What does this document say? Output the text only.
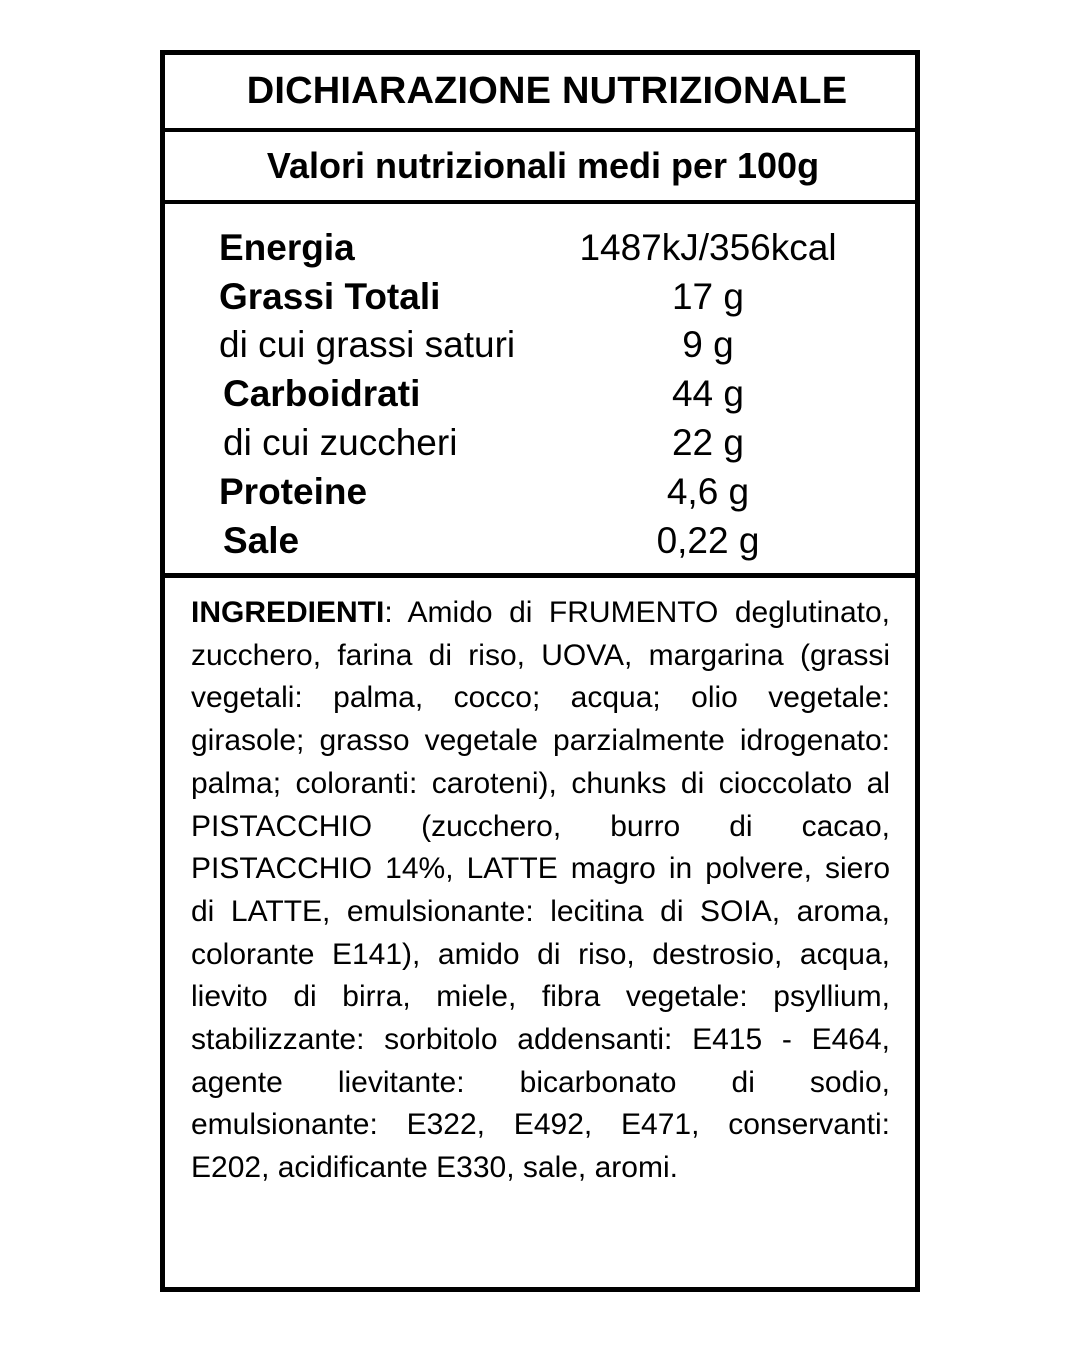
DICHIARAZIONE NUTRIZIONALE
Valori nutrizionali medi per 100g
Energia	1487kJ/356kcal
Grassi Totali	17 g
di cui grassi saturi	9 g
Carboidrati	44 g
di cui zuccheri	22 g
Proteine	4,6 g
Sale	0,22 g
INGREDIENTI: Amido di FRUMENTO deglutinato, zucchero, farina di riso, UOVA, margarina (grassi vegetali: palma, cocco; acqua; olio vegetale: girasole; grasso vegetale parzialmente idrogenato: palma; coloranti: caroteni), chunks di cioccolato al PISTACCHIO (zucchero, burro di cacao, PISTACCHIO 14%, LATTE magro in polvere, siero di LATTE, emulsionante: lecitina di SOIA, aroma, colorante E141), amido di riso, destrosio, acqua, lievito di birra, miele, fibra vegetale: psyllium, stabilizzante: sorbitolo addensanti: E415 - E464, agente lievitante: bicarbonato di sodio, emulsionante: E322, E492, E471, conservanti: E202, acidificante E330, sale, aromi.
